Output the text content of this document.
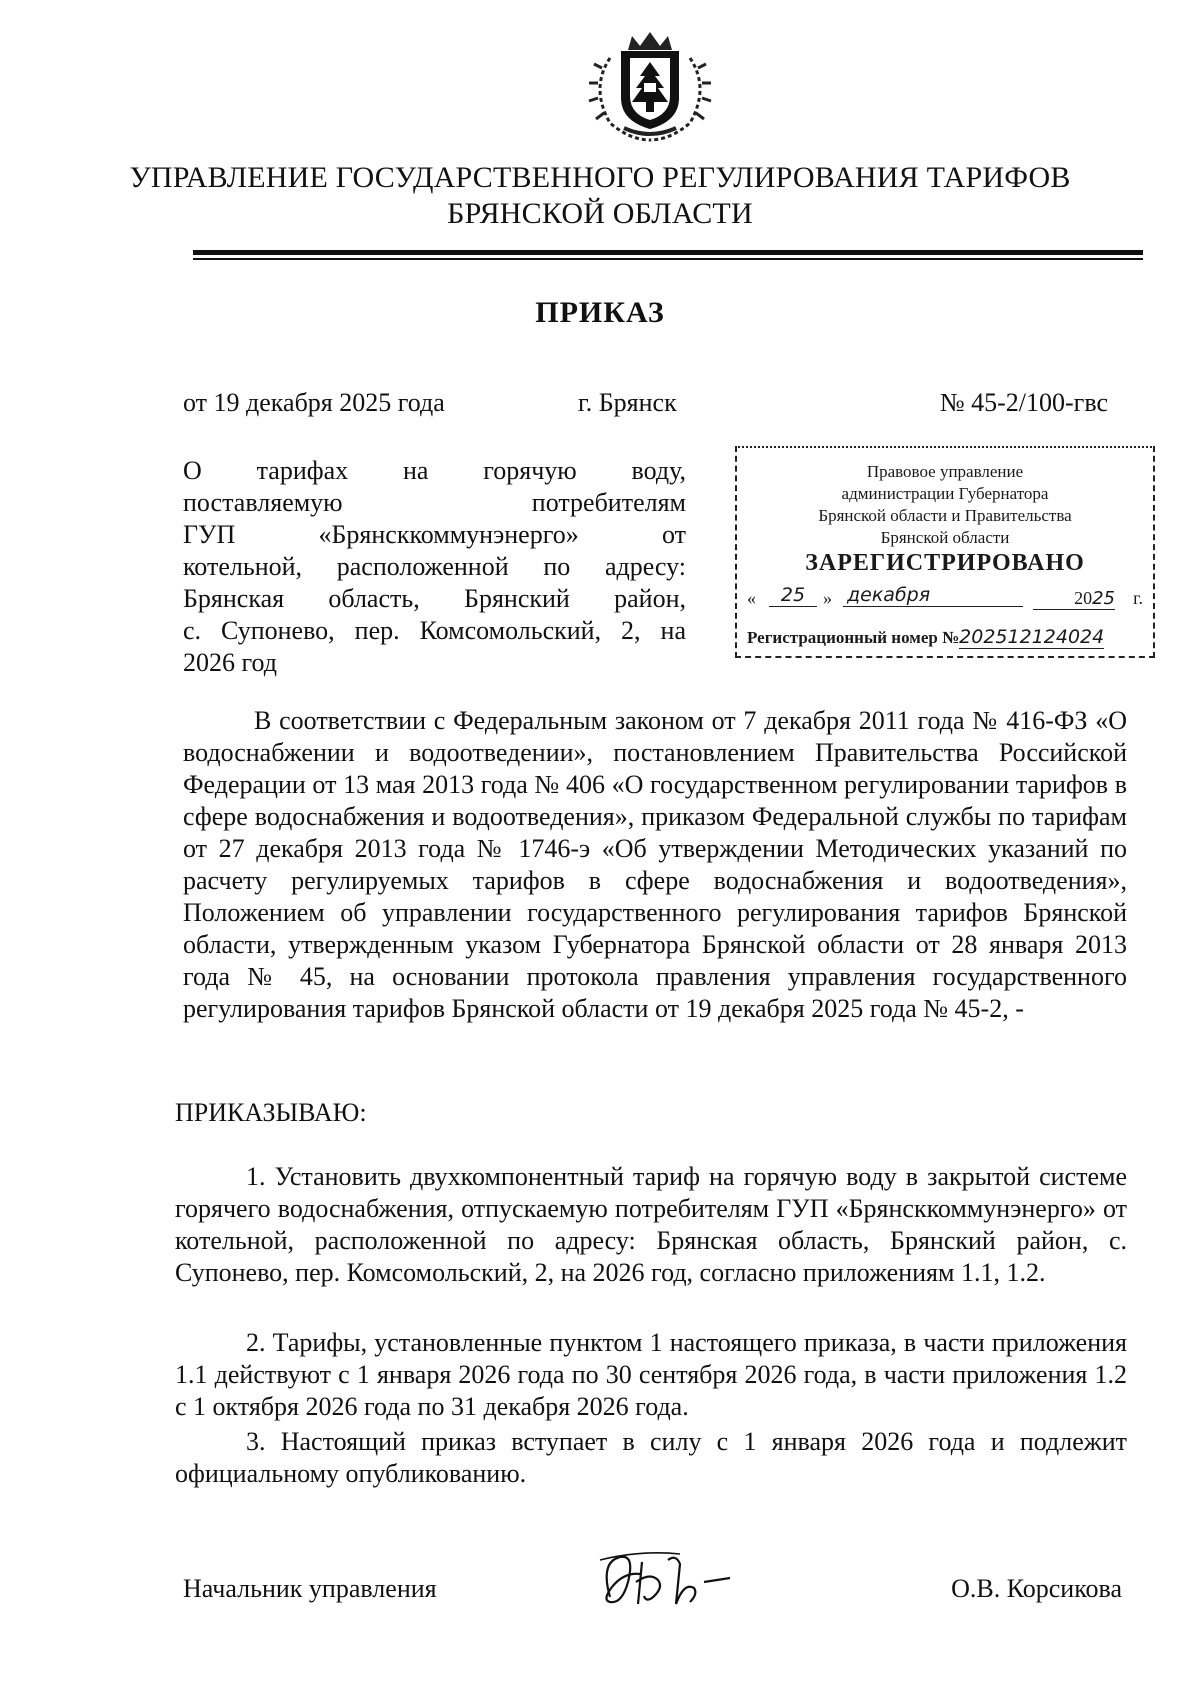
УПРАВЛЕНИЕ ГОСУДАРСТВЕННОГО РЕГУЛИРОВАНИЯ ТАРИФОВ
БРЯНСКОЙ ОБЛАСТИ
ПРИКАЗ
от 19 декабря 2025 года	г. Брянск	№ 45-2/100-гвс
О тарифах на горячую воду,
поставляемую потребителям
ГУП «Брянсккоммунэнерго» от
котельной, расположенной по адресу:
Брянская область, Брянский район,
с. Супонево, пер. Комсомольский, 2, на
2026 год
Правовое управление
администрации Губернатора
Брянской области и Правительства
Брянской области
ЗАРЕГИСТРИРОВАНО
«	25 » декабря	2025 г.
Регистрационный номер №202512124024
В соответствии с Федеральным законом от 7 декабря 2011 года № 416-ФЗ «О водоснабжении и водоотведении», постановлением Правительства Российской Федерации от 13 мая 2013 года № 406 «О государственном регулировании тарифов в сфере водоснабжения и водоотведения», приказом Федеральной службы по тарифам от 27 декабря 2013 года № 1746-э «Об утверждении Методических указаний по расчету регулируемых тарифов в сфере водоснабжения и водоотведения», Положением об управлении государственного регулирования тарифов Брянской области, утвержденным указом Губернатора Брянской области от 28 января 2013 года № 45, на основании протокола правления управления государственного регулирования тарифов Брянской области от 19 декабря 2025 года № 45-2, -
ПРИКАЗЫВАЮ:
1. Установить двухкомпонентный тариф на горячую воду в закрытой системе горячего водоснабжения, отпускаемую потребителям ГУП «Брянсккоммунэнерго» от котельной, расположенной по адресу: Брянская область, Брянский район, с. Супонево, пер. Комсомольский, 2, на 2026 год, согласно приложениям 1.1, 1.2.
2. Тарифы, установленные пунктом 1 настоящего приказа, в части приложения 1.1 действуют с 1 января 2026 года по 30 сентября 2026 года, в части приложения 1.2 с 1 октября 2026 года по 31 декабря 2026 года.
3. Настоящий приказ вступает в силу с 1 января 2026 года и подлежит официальному опубликованию.
Начальник управления	О.В. Корсикова
